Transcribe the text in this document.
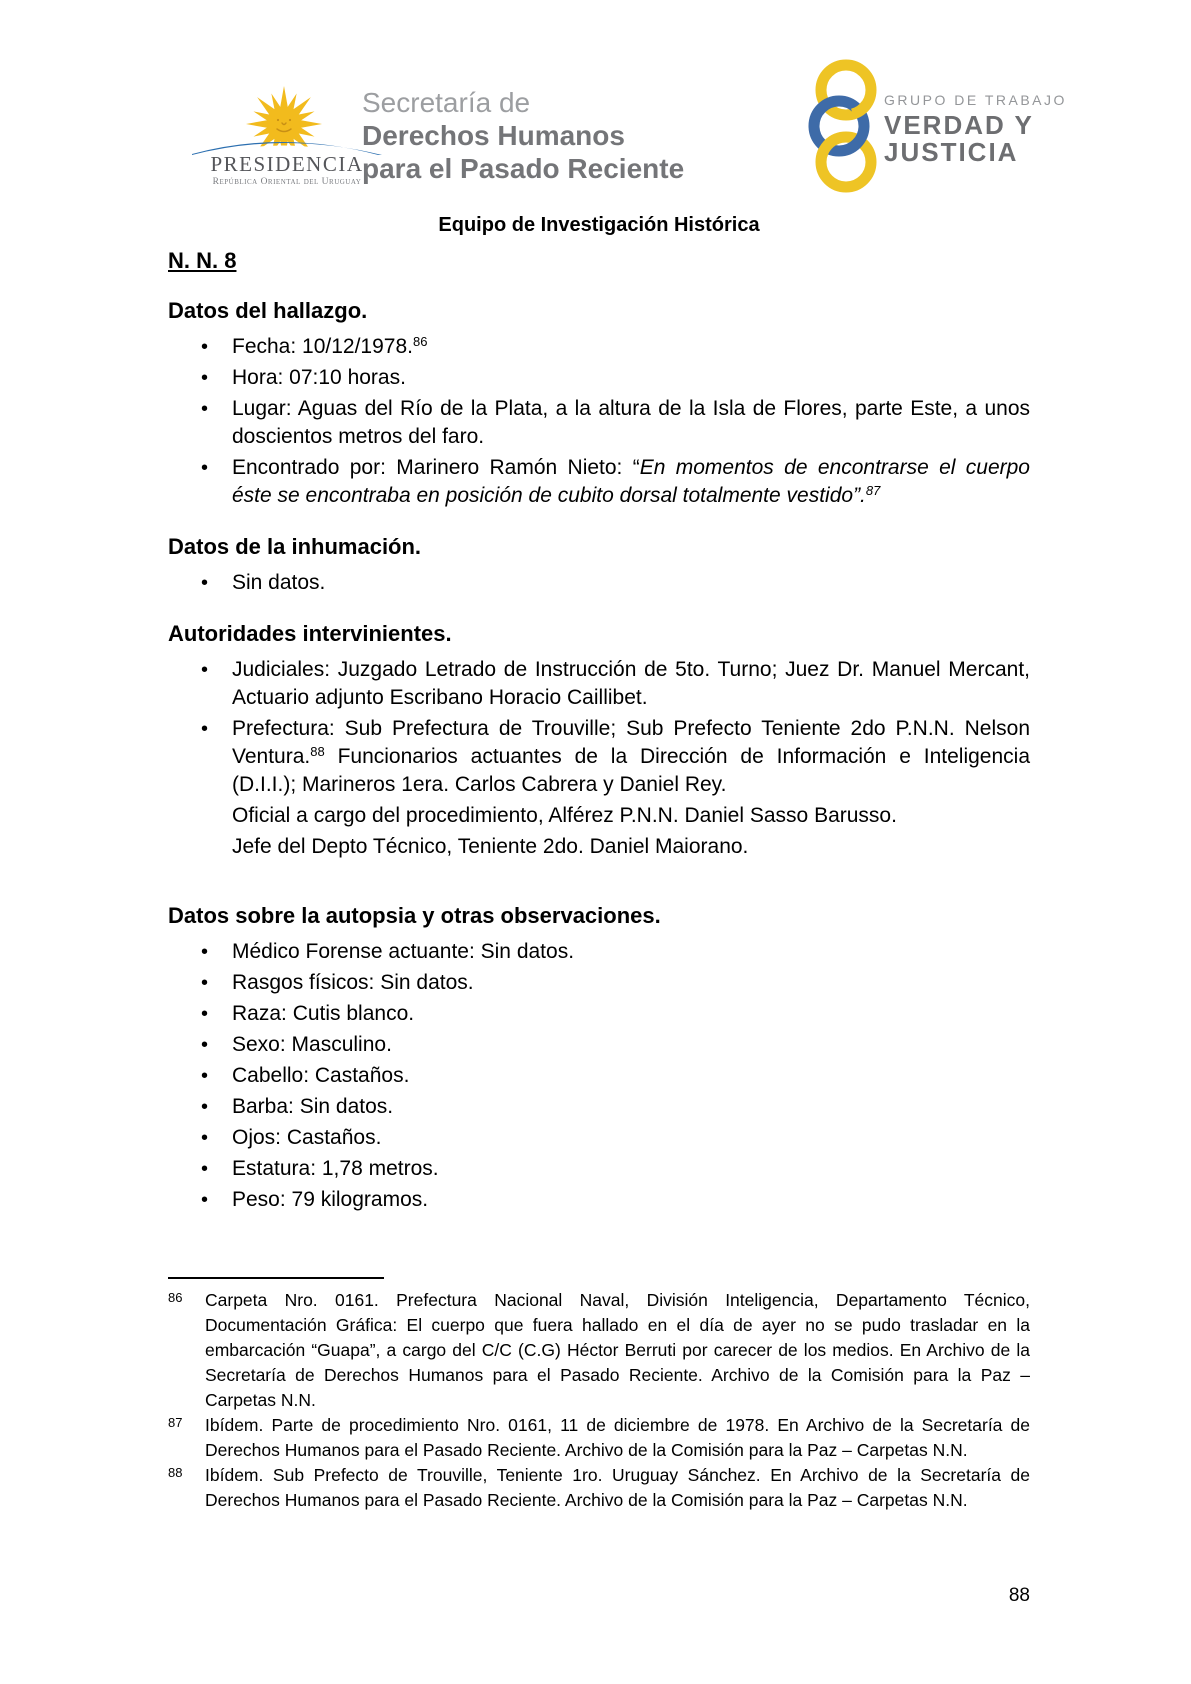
PRESIDENCIA
República Oriental del Uruguay
Secretaría de
Derechos Humanos
para el Pasado Reciente
GRUPO DE TRABAJO
VERDAD Y
JUSTICIA
Equipo de Investigación Histórica
N. N. 8
Datos del hallazgo.
• Fecha: 10/12/1978.86
• Hora: 07:10 horas.
• Lugar: Aguas del Río de la Plata, a la altura de la Isla de Flores, parte Este, a unos doscientos metros del faro.
• Encontrado por: Marinero Ramón Nieto: “En momentos de encontrarse el cuerpo éste se encontraba en posición de cubito dorsal totalmente vestido”.$^{87}$
Datos de la inhumación.
• Sin datos.
Autoridades intervinientes.
• Judiciales: Juzgado Letrado de Instrucción de 5to. Turno; Juez Dr. Manuel Mercant, Actuario adjunto Escribano Horacio Caillibet.
• Prefectura: Sub Prefectura de Trouville; Sub Prefecto Teniente 2do P.N.N. Nelson Ventura.$^{88}$ Funcionarios actuantes de la Dirección de Información e Inteligencia (D.I.I.); Marineros 1era. Carlos Cabrera y Daniel Rey.

Oficial a cargo del procedimiento, Alférez P.N.N. Daniel Sasso Barusso.

Jefe del Depto Técnico, Teniente 2do. Daniel Maiorano.

Datos sobre la autopsia y otras observaciones.
• Médico Forense actuante: Sin datos.
• Rasgos físicos: Sin datos.
• Raza: Cutis blanco.
• Sexo: Masculino.
• Cabello: Castaños.
• Barba: Sin datos.
• Ojos: Castaños.
• Estatura: 1,78 metros.
• Peso: 79 kilogramos.
86 Carpeta Nro. 0161. Prefectura Nacional Naval, División Inteligencia, Departamento Técnico, Documentación Gráfica: El cuerpo que fuera hallado en el día de ayer no se pudo trasladar en la embarcación “Guapa”, a cargo del C/C (C.G) Héctor Berruti por carecer de los medios. En Archivo de la Secretaría de Derechos Humanos para el Pasado Reciente. Archivo de la Comisión para la Paz – Carpetas N.N.
87 Ibídem. Parte de procedimiento Nro. 0161, 11 de diciembre de 1978. En Archivo de la Secretaría de Derechos Humanos para el Pasado Reciente. Archivo de la Comisión para la Paz – Carpetas N.N.
88 Ibídem. Sub Prefecto de Trouville, Teniente 1ro. Uruguay Sánchez. En Archivo de la Secretaría de Derechos Humanos para el Pasado Reciente. Archivo de la Comisión para la Paz – Carpetas N.N.
88
